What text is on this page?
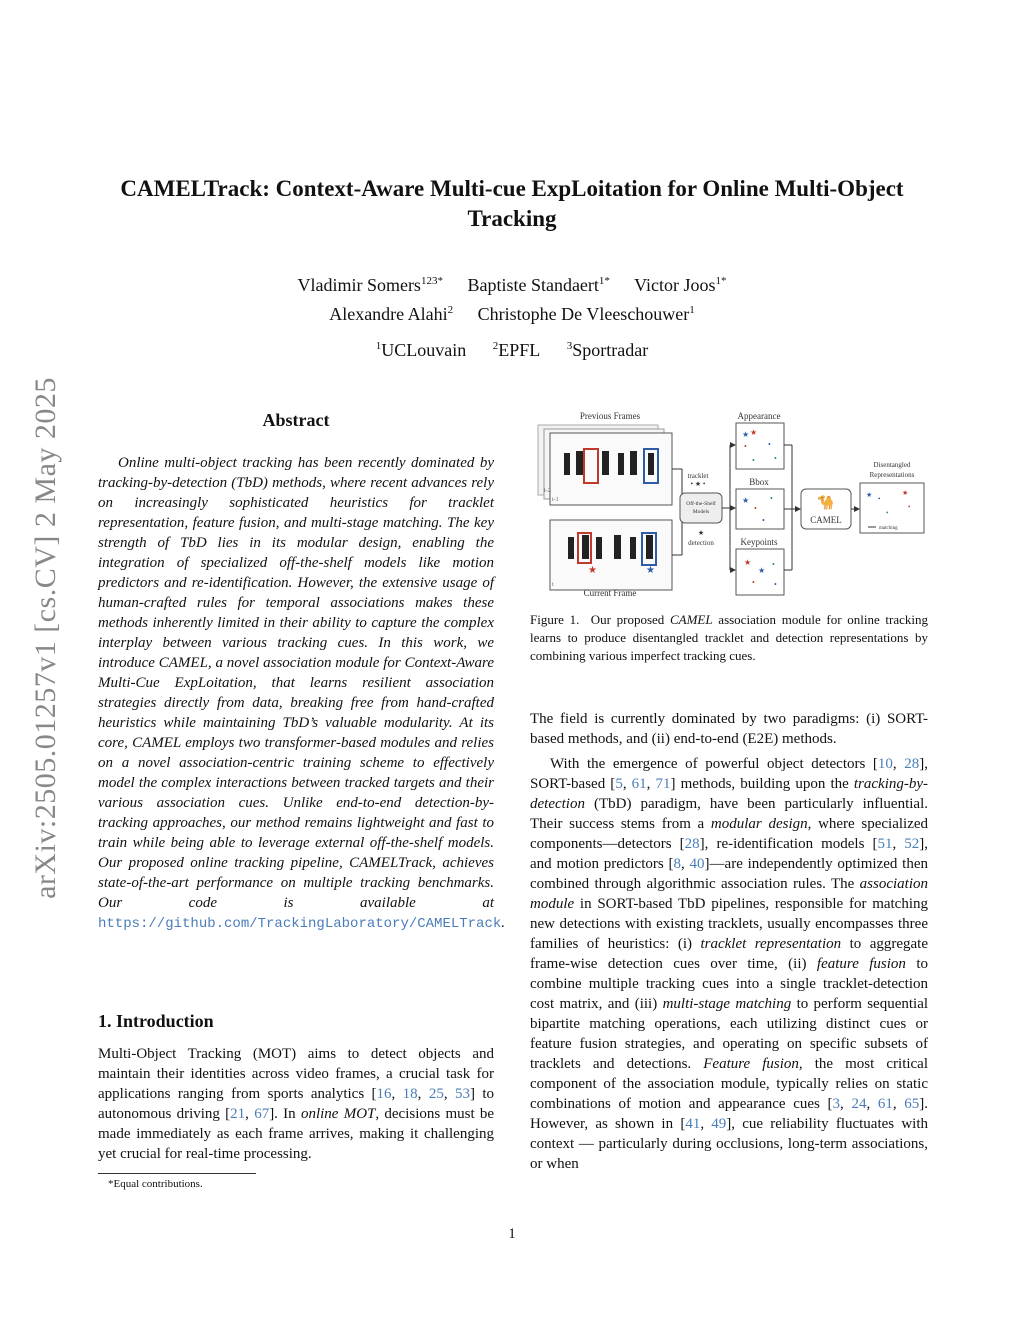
arXiv:2505.01257v1 [cs.CV] 2 May 2025
CAMELTrack: Context-Aware Multi-cue ExpLoitation for Online Multi-Object Tracking
Vladimir Somers$^{123*}$ Baptiste Standaert$^{1*}$ Victor Joos$^{1*}$
Alexandre Alahi$^2$ Christophe De Vleeschouwer$^1$
$^1$UCLouvain $^2$EPFL $^3$Sportradar
Abstract

Online multi-object tracking has been recently dominated by tracking-by-detection (TbD) methods, where recent advances rely on increasingly sophisticated heuristics for tracklet representation, feature fusion, and multi-stage matching. The key strength of TbD lies in its modular design, enabling the integration of specialized off-the-shelf models like motion predictors and re-identification. However, the extensive usage of human-crafted rules for temporal associations makes these methods inherently limited in their ability to capture the complex interplay between various tracking cues. In this work, we introduce CAMEL, a novel association module for Context-Aware Multi-Cue ExpLoitation, that learns resilient association strategies directly from data, breaking free from hand-crafted heuristics while maintaining TbD’s valuable modularity. At its core, CAMEL employs two transformer-based modules and relies on a novel association-centric training scheme to effectively model the complex interactions between tracked targets and their various association cues. Unlike end-to-end detection-by-tracking approaches, our method remains lightweight and fast to train while being able to leverage external off-the-shelf models. Our proposed online tracking pipeline, CAMELTrack, achieves state-of-the-art performance on multiple tracking benchmarks. Our code is available at https://github.com/TrackingLaboratory/CAMELTrack.

1. Introduction

Multi-Object Tracking (MOT) aims to detect objects and maintain their identities across video frames, a crucial task for applications ranging from sports analytics [16, 18, 25, 53] to autonomous driving [21, 67]. In online MOT, decisions must be made immediately as each frame arrives, making it challenging yet crucial for real-time processing.

*Equal contributions.
Previous Frames
t-2
t-1
t
★	★
Current Frame
tracklet
• ★ •
Off-the-Shelf
Models
★
detection
Appearance
★ ★
•	•
•
•
Bbox
★
•
•
•
Keypoints
★
★
•
•
•
🐪
CAMEL
Disentangled
Representations
★ •
★
•
•
matching
Figure 1. Our proposed CAMEL association module for online tracking learns to produce disentangled tracklet and detection representations by combining various imperfect tracking cues.

The field is currently dominated by two paradigms: (i) SORT-based methods, and (ii) end-to-end (E2E) methods.

With the emergence of powerful object detectors [10, 28], SORT-based [5, 61, 71] methods, building upon the tracking-by-detection (TbD) paradigm, have been particularly influential. Their success stems from a modular design, where specialized components—detectors [28], re-identification models [51, 52], and motion predictors [8, 40]—are independently optimized then combined through algorithmic association rules. The association module in SORT-based TbD pipelines, responsible for matching new detections with existing tracklets, usually encompasses three families of heuristics: (i) tracklet representation to aggregate frame-wise detection cues over time, (ii) feature fusion to combine multiple tracking cues into a single tracklet-detection cost matrix, and (iii) multi-stage matching to perform sequential bipartite matching operations, each utilizing distinct cues or feature fusion strategies, and operating on specific subsets of tracklets and detections. Feature fusion, the most critical component of the association module, typically relies on static combinations of motion and appearance cues [3, 24, 61, 65]. However, as shown in [41, 49], cue reliability fluctuates with context — particularly during occlusions, long-term associations, or when

1
